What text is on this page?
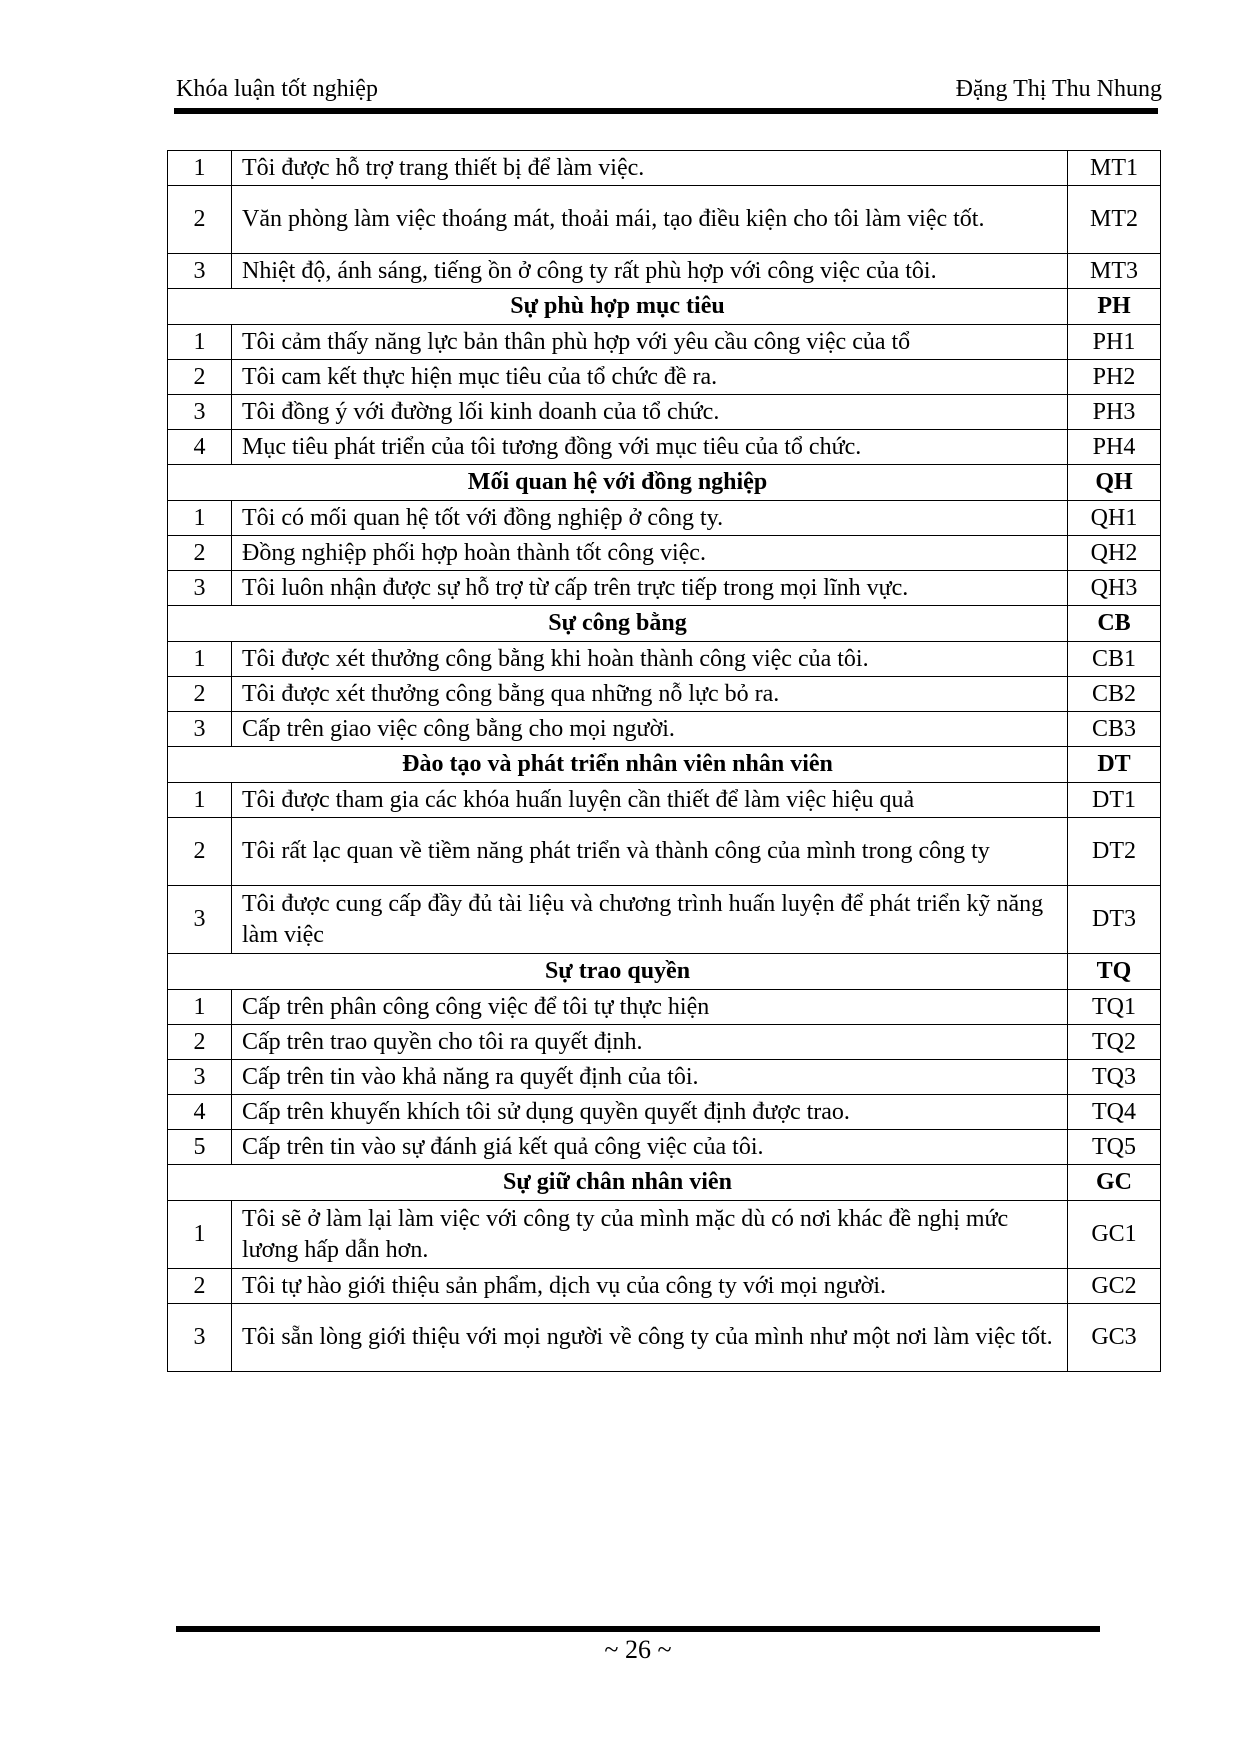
Khóa luận tốt nghiệp	Đặng Thị Thu Nhung
1	Tôi được hỗ trợ trang thiết bị để làm việc.	MT1
2	Văn phòng làm việc thoáng mát, thoải mái, tạo điều kiện cho tôi làm việc tốt.	MT2
3	Nhiệt độ, ánh sáng, tiếng ồn ở công ty rất phù hợp với công việc của tôi.	MT3
Sự phù hợp mục tiêu		PH
1	Tôi cảm thấy năng lực bản thân phù hợp với yêu cầu công việc của tổ	PH1
2	Tôi cam kết thực hiện mục tiêu của tổ chức đề ra.	PH2
3	Tôi đồng ý với đường lối kinh doanh của tổ chức.	PH3
4	Mục tiêu phát triển của tôi tương đồng với mục tiêu của tổ chức.	PH4
Mối quan hệ với đồng nghiệp		QH
1	Tôi có mối quan hệ tốt với đồng nghiệp ở công ty.	QH1
2	Đồng nghiệp phối hợp hoàn thành tốt công việc.	QH2
3	Tôi luôn nhận được sự hỗ trợ từ cấp trên trực tiếp trong mọi lĩnh vực.	QH3
Sự công bằng		CB
1	Tôi được xét thưởng công bằng khi hoàn thành công việc của tôi.	CB1
2	Tôi được xét thưởng công bằng qua những nỗ lực bỏ ra.	CB2
3	Cấp trên giao việc công bằng cho mọi người.	CB3
Đào tạo và phát triển nhân viên nhân viên		DT
1	Tôi được tham gia các khóa huấn luyện cần thiết để làm việc hiệu quả	DT1
2	Tôi rất lạc quan về tiềm năng phát triển và thành công của mình trong công ty	DT2
3	Tôi được cung cấp đầy đủ tài liệu và chương trình huấn luyện để phát triển kỹ năng làm việc	DT3
Sự trao quyền		TQ
1	Cấp trên phân công công việc để tôi tự thực hiện	TQ1
2	Cấp trên trao quyền cho tôi ra quyết định.	TQ2
3	Cấp trên tin vào khả năng ra quyết định của tôi.	TQ3
4	Cấp trên khuyến khích tôi sử dụng quyền quyết định được trao.	TQ4
5	Cấp trên tin vào sự đánh giá kết quả công việc của tôi.	TQ5
Sự giữ chân nhân viên		GC
1	Tôi sẽ ở làm lại làm việc với công ty của mình mặc dù có nơi khác đề nghị mức lương hấp dẫn hơn.	GC1
2	Tôi tự hào giới thiệu sản phẩm, dịch vụ của công ty với mọi người.	GC2
3	Tôi sẵn lòng giới thiệu với mọi người về công ty của mình như một nơi làm việc tốt.	GC3
~ 26 ~
